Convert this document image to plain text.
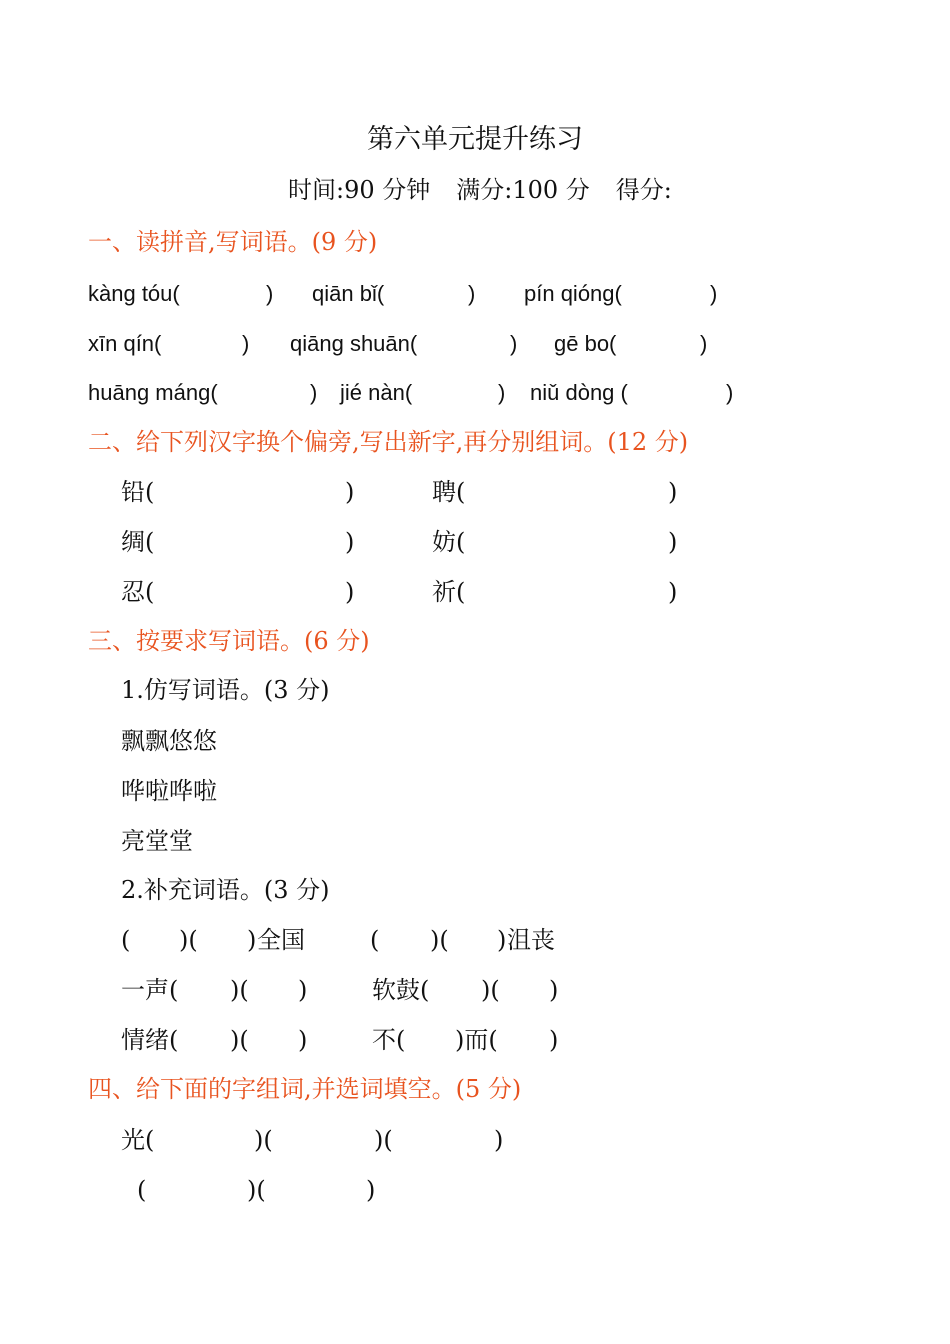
第六单元提升练习
时间:90 分钟 满分:100 分 得分:
一、读拼音,写词语。(9 分)
kàng tóu(	) qiān bǐ(	) pín qióng(	)
xīn qín(	) qiāng shuān(	) gē bo(	)
huāng máng(	) jié nàn(	) niǔ dòng (	)
二、给下列汉字换个偏旁,写出新字,再分别组词。(12 分)
铅(	)	聘(	)
绸(	)	妨(	)
忍(	)	祈(	)
三、按要求写词语。(6 分)
1.仿写词语。(3 分)
飘飘悠悠
哗啦哗啦
亮堂堂
2.补充词语。(3 分)
( )( ) 全国	( )( ) 沮丧
一声( )( )	软鼓( )( )
情绪( )( )	不( )而( )
四、给下面的字组词,并选词填空。(5 分)
光(	)(	)(	)
(	)(	)
